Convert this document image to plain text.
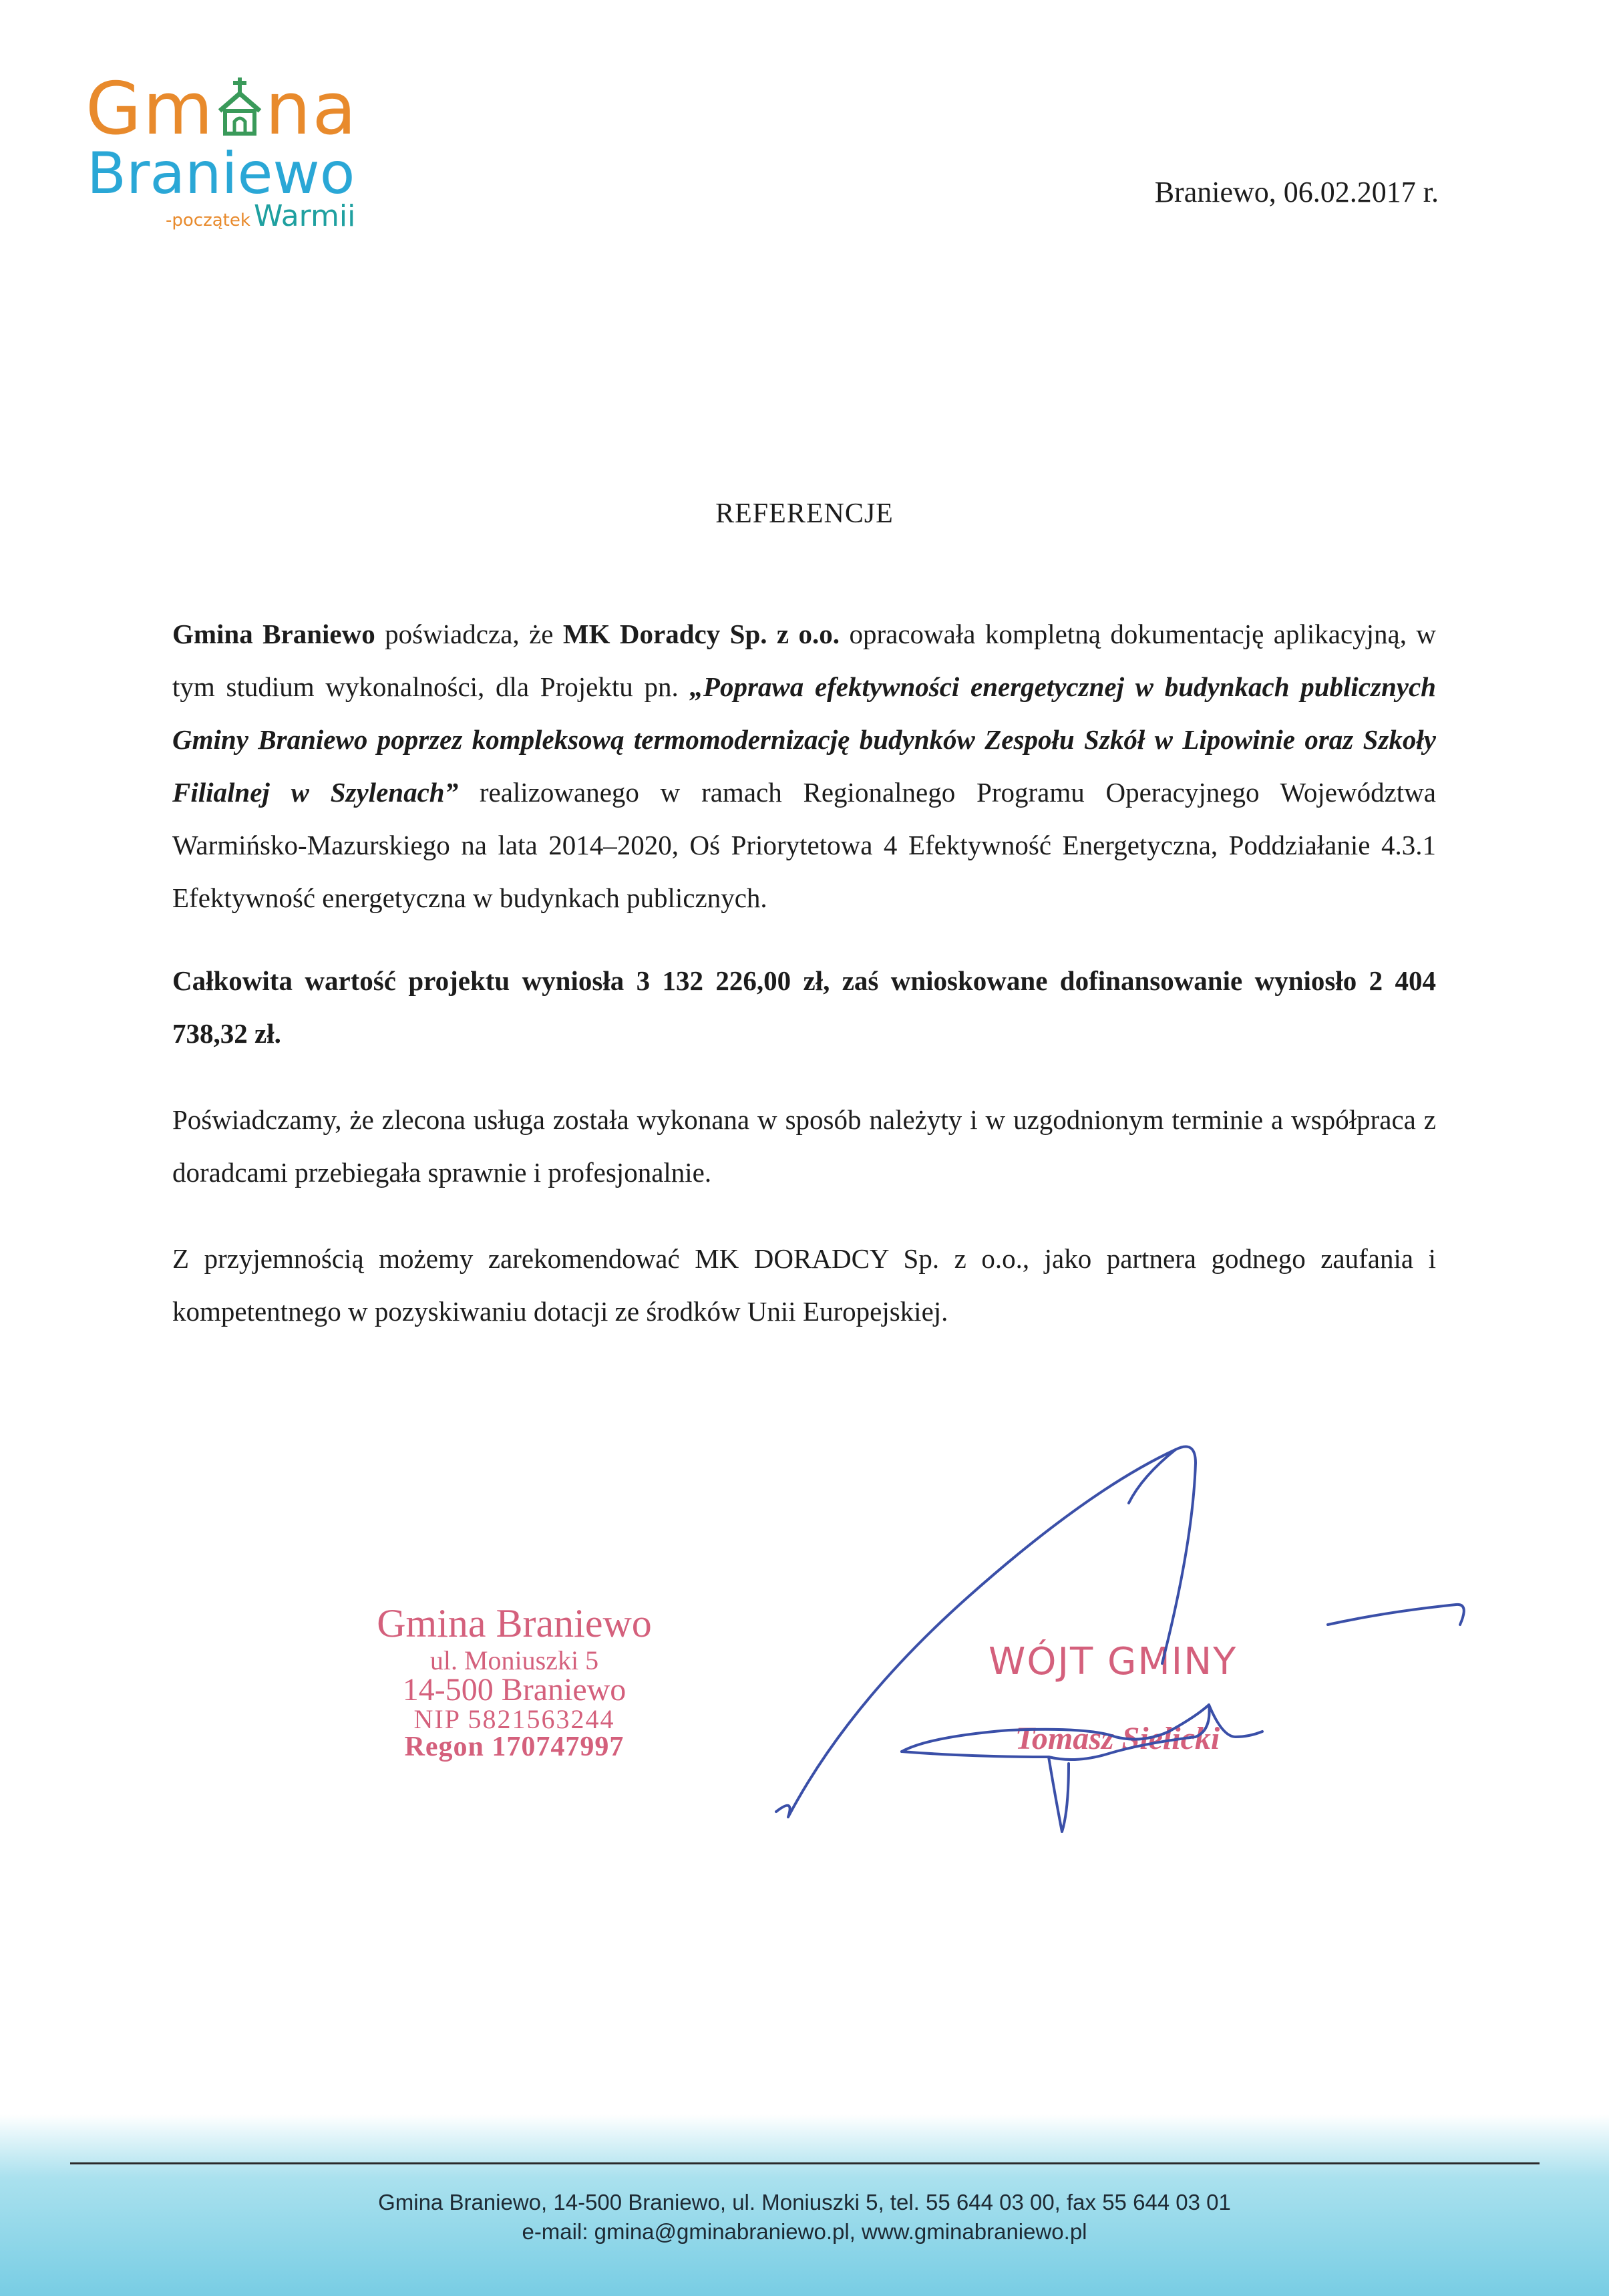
Gm na
Braniewo
-początek Warmii
Braniewo, 06.02.2017 r.
REFERENCJE

Gmina Braniewo poświadcza, że MK Doradcy Sp. z o.o. opracowała kompletną dokumentację aplikacyjną, w tym studium wykonalności, dla Projektu pn. „Poprawa efektywności energetycznej w budynkach publicznych Gminy Braniewo poprzez kompleksową termomodernizację budynków Zespołu Szkół w Lipowinie oraz Szkoły Filialnej w Szylenach” realizowanego w ramach Regionalnego Programu Operacyjnego Województwa Warmińsko-Mazurskiego na lata 2014–2020, Oś Priorytetowa 4 Efektywność Energetyczna, Poddziałanie 4.3.1 Efektywność energetyczna w budynkach publicznych.

Całkowita wartość projektu wyniosła 3 132 226,00 zł, zaś wnioskowane dofinansowanie wyniosło 2 404 738,32 zł.

Poświadczamy, że zlecona usługa została wykonana w sposób należyty i w uzgodnionym terminie a współpraca z doradcami przebiegała sprawnie i profesjonalnie.

Z przyjemnością możemy zarekomendować MK DORADCY Sp. z o.o., jako partnera godnego zaufania i kompetentnego w pozyskiwaniu dotacji ze środków Unii Europejskiej.

Gmina Braniewo
ul. Moniuszki 5
14-500 Braniewo
NIP 5821563244
Regon 170747997
WÓJT GMINY
Tomasz Sielicki
Gmina Braniewo, 14-500 Braniewo, ul. Moniuszki 5, tel. 55 644 03 00, fax 55 644 03 01
e-mail: gmina@gminabraniewo.pl, www.gminabraniewo.pl
